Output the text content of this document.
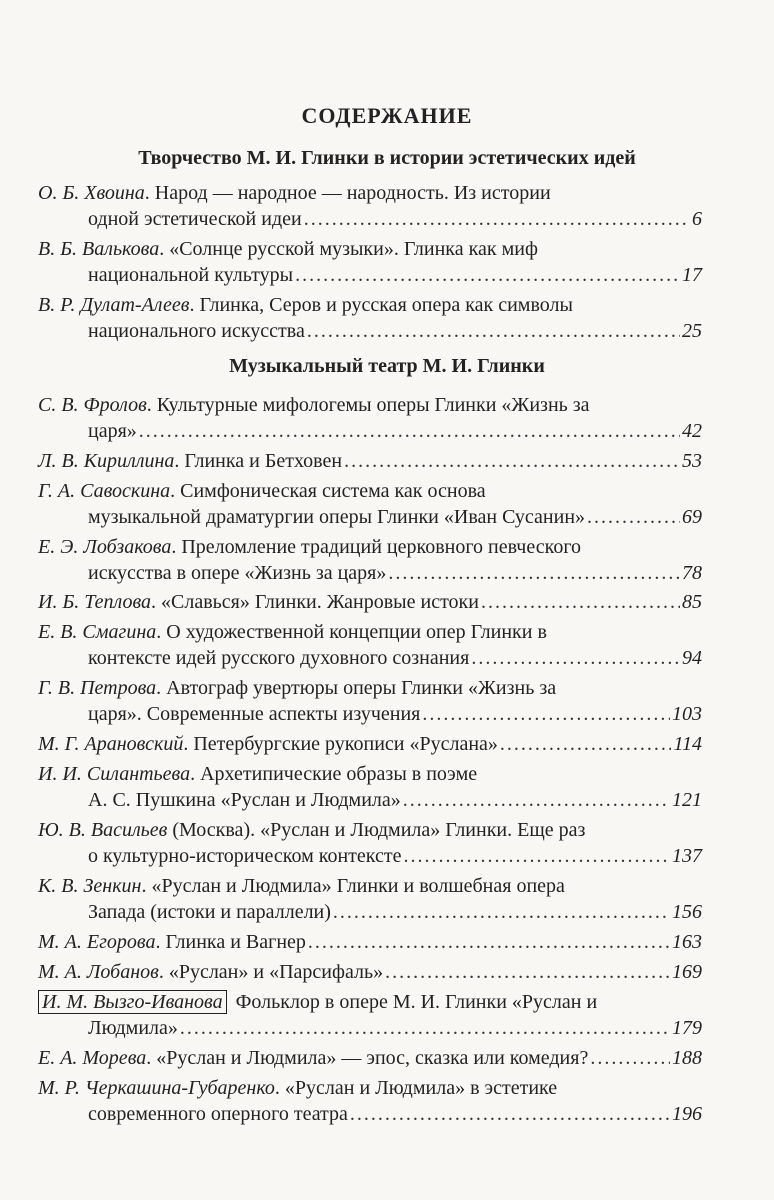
СОДЕРЖАНИЕ
Творчество М. И. Глинки в истории эстетических идей
О. Б. Хвоина. Народ — народное — народность. Из истории
одной эстетической идеи .....	6
В. Б. Валькова. «Солнце русской музыки». Глинка как миф
национальной культуры .....	17
В. Р. Дулат-Алеев. Глинка, Серов и русская опера как символы
национального искусства .....	25
Музыкальный театр М. И. Глинки
С. В. Фролов. Культурные мифологемы оперы Глинки «Жизнь за
царя» .....	42
Л. В. Кириллина. Глинка и Бетховен .....	53
Г. А. Савоскина. Симфоническая система как основа
музыкальной драматургии оперы Глинки «Иван Сусанин» .....	69
Е. Э. Лобзакова. Преломление традиций церковного певческого
искусства в опере «Жизнь за царя» .....	78
И. Б. Теплова. «Славься» Глинки. Жанровые истоки .....	85
Е. В. Смагина. О художественной концепции опер Глинки в
контексте идей русского духовного сознания .....	94
Г. В. Петрова. Автограф увертюры оперы Глинки «Жизнь за
царя». Современные аспекты изучения .....	103
М. Г. Арановский. Петербургские рукописи «Руслана» .....	114
И. И. Силантьева. Архетипические образы в поэме
А. С. Пушкина «Руслан и Людмила» .....	121
Ю. В. Васильев (Москва). «Руслан и Людмила» Глинки. Еще раз
о культурно-историческом контексте .....	137
К. В. Зенкин. «Руслан и Людмила» Глинки и волшебная опера
Запада (истоки и параллели) .....	156
М. А. Егорова. Глинка и Вагнер .....	163
М. А. Лобанов. «Руслан» и «Парсифаль» .....	169
И. М. Вызго-Иванова Фольклор в опере М. И. Глинки «Руслан и
Людмила» .....	179
Е. А. Морева. «Руслан и Людмила» — эпос, сказка или комедия? .....	188
М. Р. Черкашина-Губаренко. «Руслан и Людмила» в эстетике
современного оперного театра .....	196
